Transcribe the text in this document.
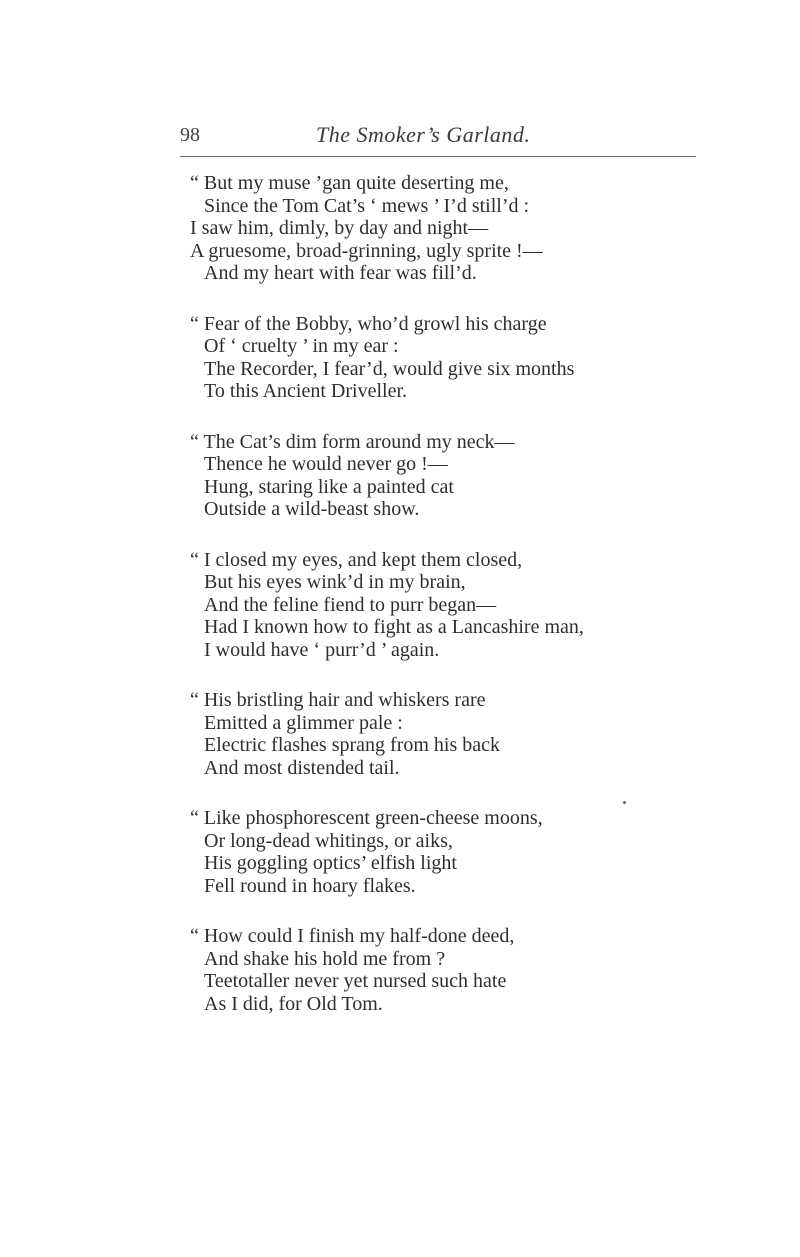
98	The Smoker’s Garland.
“ But my muse ’gan quite deserting me,
Since the Tom Cat’s ‘ mews ’ I’d still’d :
I saw him, dimly, by day and night—
A gruesome, broad-grinning, ugly sprite !—
And my heart with fear was fill’d.
“ Fear of the Bobby, who’d growl his charge
Of ‘ cruelty ’ in my ear :
The Recorder, I fear’d, would give six months
To this Ancient Driveller.
“ The Cat’s dim form around my neck—
Thence he would never go !—
Hung, staring like a painted cat
Outside a wild-beast show.
“ I closed my eyes, and kept them closed,
But his eyes wink’d in my brain,
And the feline fiend to purr began—
Had I known how to fight as a Lancashire man,
I would have ‘ purr’d ’ again.
“ His bristling hair and whiskers rare
Emitted a glimmer pale :
Electric flashes sprang from his back
And most distended tail.
“ Like phosphorescent green-cheese moons,
Or long-dead whitings, or aiks,
His goggling optics’ elfish light
Fell round in hoary flakes.
“ How could I finish my half-done deed,
And shake his hold me from ?
Teetotaller never yet nursed such hate
As I did, for Old Tom.
